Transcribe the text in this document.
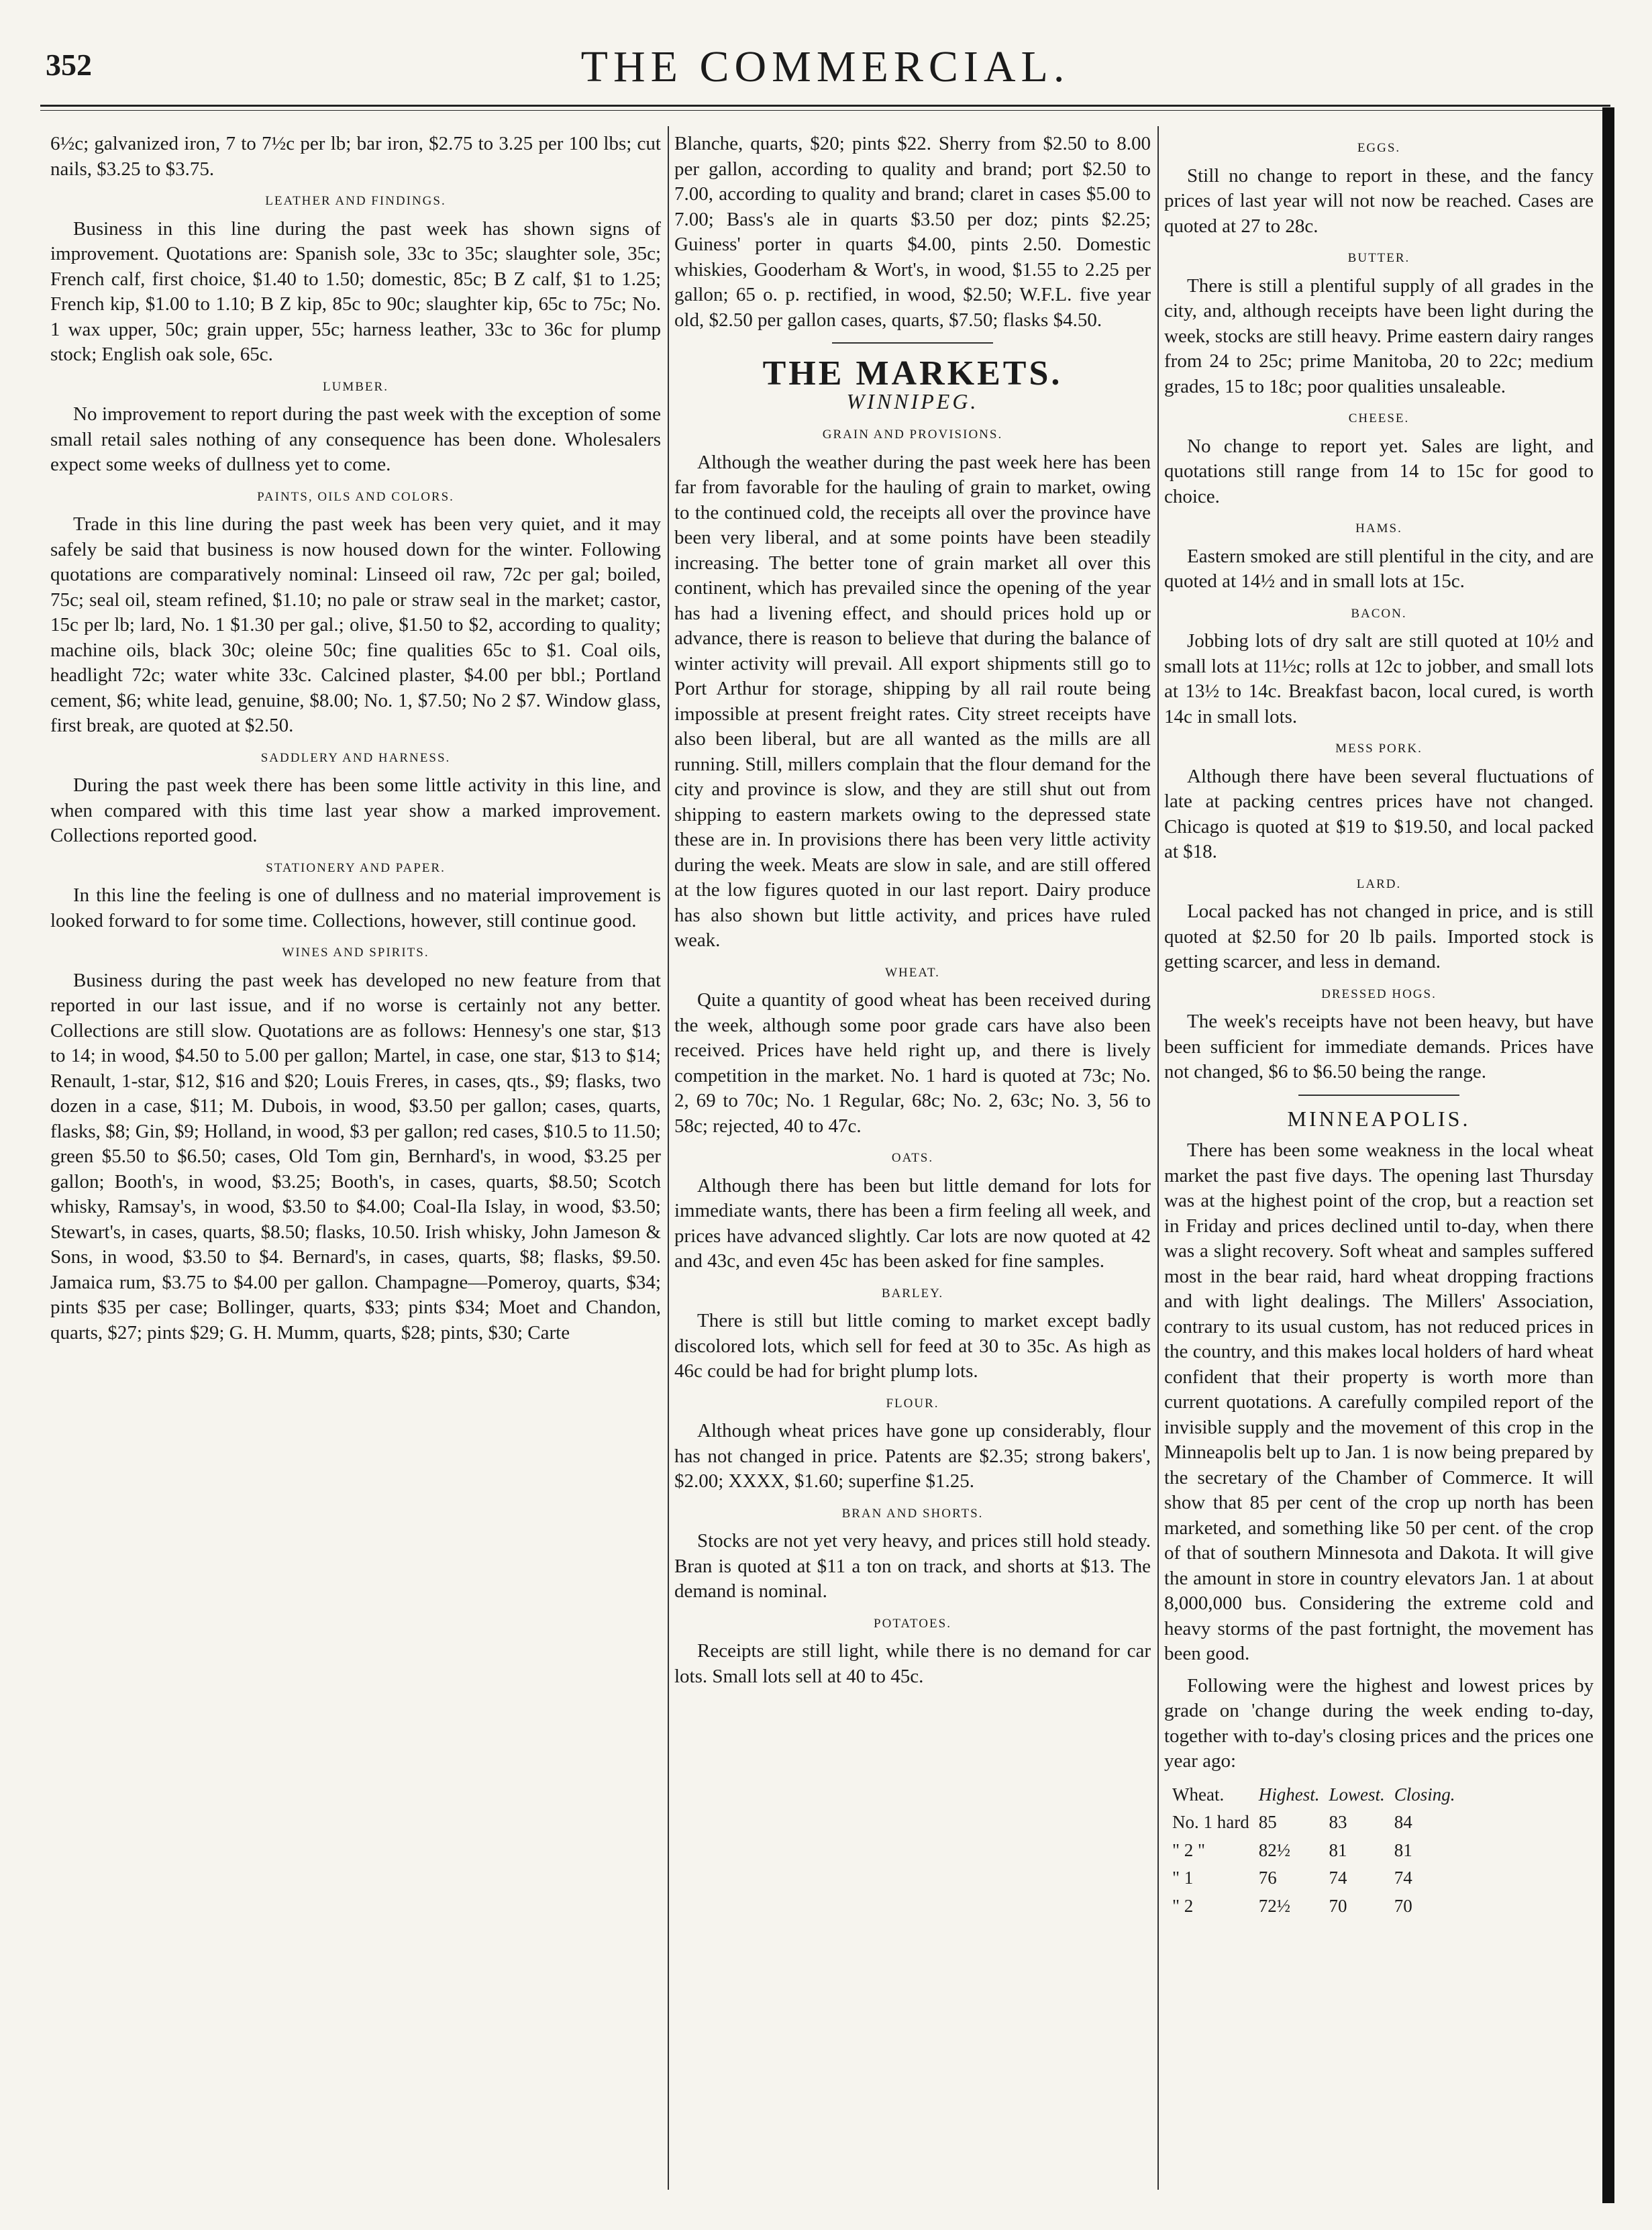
352	THE COMMERCIAL.

6½c; galvanized iron, 7 to 7½c per lb; bar iron, $2.75 to 3.25 per 100 lbs; cut nails, $3.25 to $3.75.

LEATHER AND FINDINGS.

Business in this line during the past week has shown signs of improvement. Quotations are: Spanish sole, 33c to 35c; slaughter sole, 35c; French calf, first choice, $1.40 to 1.50; domestic, 85c; B Z calf, $1 to 1.25; French kip, $1.00 to 1.10; B Z kip, 85c to 90c; slaughter kip, 65c to 75c; No. 1 wax upper, 50c; grain upper, 55c; harness leather, 33c to 36c for plump stock; English oak sole, 65c.

LUMBER.

No improvement to report during the past week with the exception of some small retail sales nothing of any consequence has been done. Wholesalers expect some weeks of dullness yet to come.

PAINTS, OILS AND COLORS.

Trade in this line during the past week has been very quiet, and it may safely be said that business is now housed down for the winter. Following quotations are comparatively nominal: Linseed oil raw, 72c per gal; boiled, 75c; seal oil, steam refined, $1.10; no pale or straw seal in the market; castor, 15c per lb; lard, No. 1 $1.30 per gal.; olive, $1.50 to $2, according to quality; machine oils, black 30c; oleine 50c; fine qualities 65c to $1. Coal oils, headlight 72c; water white 33c. Calcined plaster, $4.00 per bbl.; Portland cement, $6; white lead, genuine, $8.00; No. 1, $7.50; No 2 $7. Window glass, first break, are quoted at $2.50.

SADDLERY AND HARNESS.

During the past week there has been some little activity in this line, and when compared with this time last year show a marked improvement. Collections reported good.

STATIONERY AND PAPER.

In this line the feeling is one of dullness and no material improvement is looked forward to for some time. Collections, however, still continue good.

WINES AND SPIRITS.

Business during the past week has developed no new feature from that reported in our last issue, and if no worse is certainly not any better. Collections are still slow. Quotations are as follows: Hennesy's one star, $13 to 14; in wood, $4.50 to 5.00 per gallon; Martel, in case, one star, $13 to $14; Renault, 1-star, $12, $16 and $20; Louis Freres, in cases, qts., $9; flasks, two dozen in a case, $11; M. Dubois, in wood, $3.50 per gallon; cases, quarts, flasks, $8; Gin, $9; Holland, in wood, $3 per gallon; red cases, $10.5 to 11.50; green $5.50 to $6.50; cases, Old Tom gin, Bernhard's, in wood, $3.25 per gallon; Booth's, in wood, $3.25; Booth's, in cases, quarts, $8.50; Scotch whisky, Ramsay's, in wood, $3.50 to $4.00; Coal-Ila Islay, in wood, $3.50; Stewart's, in cases, quarts, $8.50; flasks, 10.50. Irish whisky, John Jameson & Sons, in wood, $3.50 to $4. Bernard's, in cases, quarts, $8; flasks, $9.50. Jamaica rum, $3.75 to $4.00 per gallon. Champagne—Pomeroy, quarts, $34; pints $35 per case; Bollinger, quarts, $33; pints $34; Moet and Chandon, quarts, $27; pints $29; G. H. Mumm, quarts, $28; pints, $30; Carte

Blanche, quarts, $20; pints $22. Sherry from $2.50 to 8.00 per gallon, according to quality and brand; port $2.50 to 7.00, according to quality and brand; claret in cases $5.00 to 7.00; Bass's ale in quarts $3.50 per doz; pints $2.25; Guiness' porter in quarts $4.00, pints 2.50. Domestic whiskies, Gooderham & Wort's, in wood, $1.55 to 2.25 per gallon; 65 o. p. rectified, in wood, $2.50; W.F.L. five year old, $2.50 per gallon cases, quarts, $7.50; flasks $4.50.

THE MARKETS.
WINNIPEG.
GRAIN AND PROVISIONS.

Although the weather during the past week here has been far from favorable for the hauling of grain to market, owing to the continued cold, the receipts all over the province have been very liberal, and at some points have been steadily increasing. The better tone of grain market all over this continent, which has prevailed since the opening of the year has had a livening effect, and should prices hold up or advance, there is reason to believe that during the balance of winter activity will prevail. All export shipments still go to Port Arthur for storage, shipping by all rail route being impossible at present freight rates. City street receipts have also been liberal, but are all wanted as the mills are all running. Still, millers complain that the flour demand for the city and province is slow, and they are still shut out from shipping to eastern markets owing to the depressed state these are in. In provisions there has been very little activity during the week. Meats are slow in sale, and are still offered at the low figures quoted in our last report. Dairy produce has also shown but little activity, and prices have ruled weak.

WHEAT.

Quite a quantity of good wheat has been received during the week, although some poor grade cars have also been received. Prices have held right up, and there is lively competition in the market. No. 1 hard is quoted at 73c; No. 2, 69 to 70c; No. 1 Regular, 68c; No. 2, 63c; No. 3, 56 to 58c; rejected, 40 to 47c.

OATS.

Although there has been but little demand for lots for immediate wants, there has been a firm feeling all week, and prices have advanced slightly. Car lots are now quoted at 42 and 43c, and even 45c has been asked for fine samples.

BARLEY.

There is still but little coming to market except badly discolored lots, which sell for feed at 30 to 35c. As high as 46c could be had for bright plump lots.

FLOUR.

Although wheat prices have gone up considerably, flour has not changed in price. Patents are $2.35; strong bakers', $2.00; XXXX, $1.60; superfine $1.25.

BRAN AND SHORTS.

Stocks are not yet very heavy, and prices still hold steady. Bran is quoted at $11 a ton on track, and shorts at $13. The demand is nominal.

POTATOES.

Receipts are still light, while there is no demand for car lots. Small lots sell at 40 to 45c.

EGGS.

Still no change to report in these, and the fancy prices of last year will not now be reached. Cases are quoted at 27 to 28c.

BUTTER.

There is still a plentiful supply of all grades in the city, and, although receipts have been light during the week, stocks are still heavy. Prime eastern dairy ranges from 24 to 25c; prime Manitoba, 20 to 22c; medium grades, 15 to 18c; poor qualities unsaleable.

CHEESE.

No change to report yet. Sales are light, and quotations still range from 14 to 15c for good to choice.

HAMS.

Eastern smoked are still plentiful in the city, and are quoted at 14½ and in small lots at 15c.

BACON.

Jobbing lots of dry salt are still quoted at 10½ and small lots at 11½c; rolls at 12c to jobber, and small lots at 13½ to 14c. Breakfast bacon, local cured, is worth 14c in small lots.

MESS PORK.

Although there have been several fluctuations of late at packing centres prices have not changed. Chicago is quoted at $19 to $19.50, and local packed at $18.

LARD.

Local packed has not changed in price, and is still quoted at $2.50 for 20 lb pails. Imported stock is getting scarcer, and less in demand.

DRESSED HOGS.

The week's receipts have not been heavy, but have been sufficient for immediate demands. Prices have not changed, $6 to $6.50 being the range.

MINNEAPOLIS.

There has been some weakness in the local wheat market the past five days. The opening last Thursday was at the highest point of the crop, but a reaction set in Friday and prices declined until to-day, when there was a slight recovery. Soft wheat and samples suffered most in the bear raid, hard wheat dropping fractions and with light dealings. The Millers' Association, contrary to its usual custom, has not reduced prices in the country, and this makes local holders of hard wheat confident that their property is worth more than current quotations. A carefully compiled report of the invisible supply and the movement of this crop in the Minneapolis belt up to Jan. 1 is now being prepared by the secretary of the Chamber of Commerce. It will show that 85 per cent of the crop up north has been marketed, and something like 50 per cent. of the crop of that of southern Minnesota and Dakota. It will give the amount in store in country elevators Jan. 1 at about 8,000,000 bus. Considering the extreme cold and heavy storms of the past fortnight, the movement has been good.

Following were the highest and lowest prices by grade on 'change during the week ending to-day, together with to-day's closing prices and the prices one year ago:

Wheat.	Highest.	Lowest.	Closing.
No. 1 hard	85	83	84
" 2 "	82½	81	81
" 1	76	74	74
" 2	72½	70	70
